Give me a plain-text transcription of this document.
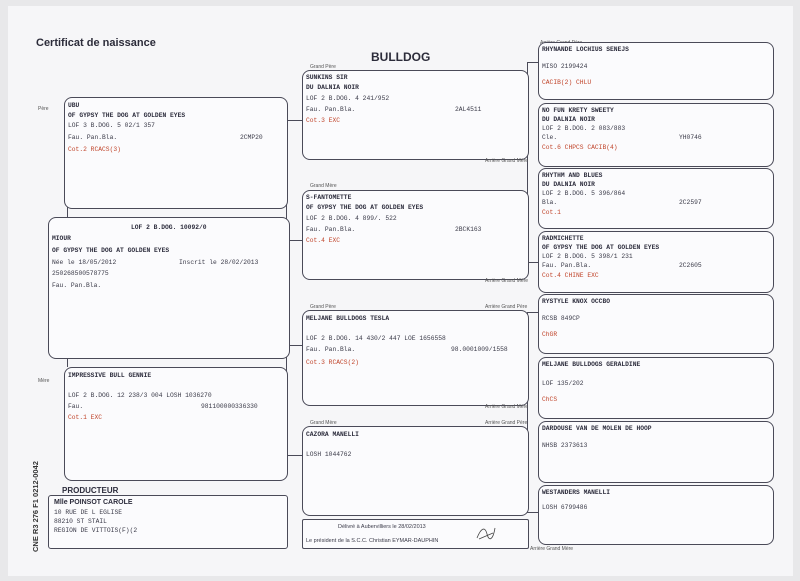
Certificat de naissance
BULLDOG
Père	UBU
OF GYPSY THE DOG AT GOLDEN EYES
LOF 3 B.DOG. 5 02/1 357
Fau. Pan.Bla.	2CMP20
Cot.2 RCACS(3)
LOF 2 B.DOG. 10092/0
MIOUR
OF GYPSY THE DOG AT GOLDEN EYES
Née le 18/05/2012	Inscrit le 28/02/2013
250268500578775
Fau. Pan.Bla.
Mère
IMPRESSIVE BULL GENNIE
LOF 2 B.DOG. 12 238/3 004 LOSH 1036270
Fau.	981100000336330
Cot.1 EXC
PRODUCTEUR
Mlle POINSOT CAROLE
10 RUE DE L EGLISE
88210 ST STAIL
REGION DE VITTOIS(F)(2
CNE R3 276 F1 0212-0042
Grand Père
SUNKINS SIR
DU DALNIA NOIR
LOF 2 B.DOG. 4 241/952
Fau. Pan.Bla.	2AL4511
Cot.3 EXC
Arrière Grand Mère
Grand Mère
S-FANTOMETTE
OF GYPSY THE DOG AT GOLDEN EYES
LOF 2 B.DOG. 4 899/. 522
Fau. Pan.Bla.	2BCK163
Cot.4 EXC
Arrière Grand Mère
Grand Père	Arrière Grand Père
MELJANE BULLDOGS TESLA
LOF 2 B.DOG. 14 430/2 447 LOE 1656558
Fau. Pan.Bla.	98.0001009/1558
Cot.3 RCACS(2)
Arrière Grand Mère
Grand Mère	Arrière Grand Père
CAZORA MANELLI
LOSH 1044762
Délivré à Aubervilliers le 28/02/2013
Le président de la S.C.C. Christian EYMAR-DAUPHIN
Arrière Grand Mère
RHYNANDE LOCHIUS SENEJS
MISO 2199424
CACIB(2) CHLU
NO FUN KRETY SWEETY
DU DALNIA NOIR
LOF 2 B.DOG. 2 083/883
Cle.	YH0746
Cot.6 CHPCS CACIB(4)
RHYTHM AND BLUES
DU DALNIA NOIR
LOF 2 B.DOG. 5 396/864
Bla.	2C2597
Cot.1
RADMICHETTE
OF GYPSY THE DOG AT GOLDEN EYES
LOF 2 B.DOG. 5 398/1 231
Fau. Pan.Bla.	2C2605
Cot.4 CHINE EXC
RYSTYLE KNOX OCCBO
RCSB 849CP
ChGR
MELJANE BULLDOGS GERALDINE
LOF 135/202
ChCS
DARDOUSE VAN DE MOLEN DE HOOP
NHSB 2373613
WESTANDERS MANELLI
LOSH 6799486
